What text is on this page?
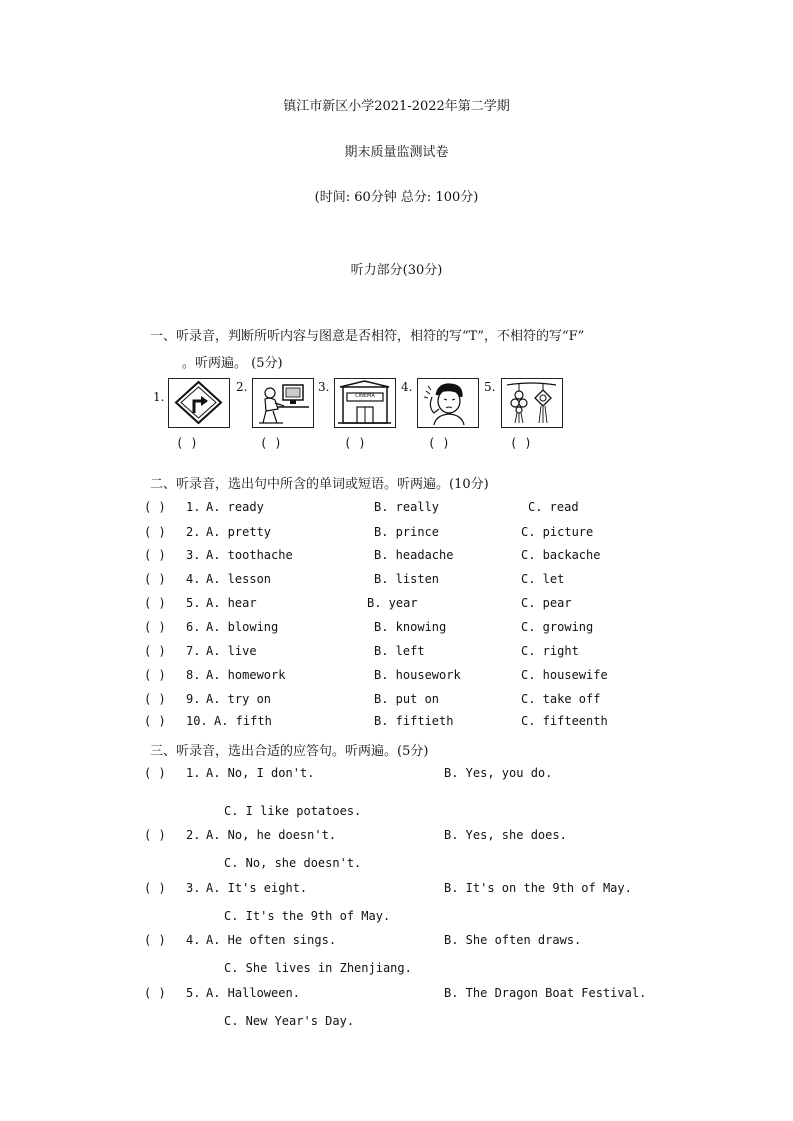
镇江市新区小学2021-2022年第二学期
期末质量监测试卷
(时间: 60分钟 总分: 100分)
听力部分(30分)
一、听录音，判断所听内容与图意是否相符，相符的写“T”，不相符的写“F”
。听两遍。 (5分)
1.
( )
2.
( )
3.
CINEMA
( )
4.
( )
5.
( )
二、听录音，选出句中所含的单词或短语。听两遍。(10分)
( ) 1. A. ready	B. really	C. read
( ) 2. A. pretty	B. prince	C. picture
( ) 3. A. toothache	B. headache	C. backache
( ) 4. A. lesson	B. listen	C. let
( ) 5. A. hear	B. year	C. pear
( ) 6. A. blowing	B. knowing	C. growing
( ) 7. A. live	B. left	C. right
( ) 8. A. homework	B. housework	C. housewife
( ) 9. A. try on	B. put on	C. take off
( ) 10. A. fifth	B. fiftieth	C. fifteenth
三、听录音，选出合适的应答句。听两遍。(5分)
( ) 1. A. No, I don't.	B. Yes, you do.
C. I like potatoes.
( ) 2. A. No, he doesn't.	B. Yes, she does.
C. No, she doesn't.
( ) 3. A. It's eight.	B. It's on the 9th of May.
C. It's the 9th of May.
( ) 4. A. He often sings.	B. She often draws.
C. She lives in Zhenjiang.
( ) 5. A. Halloween.	B. The Dragon Boat Festival.
C. New Year's Day.
